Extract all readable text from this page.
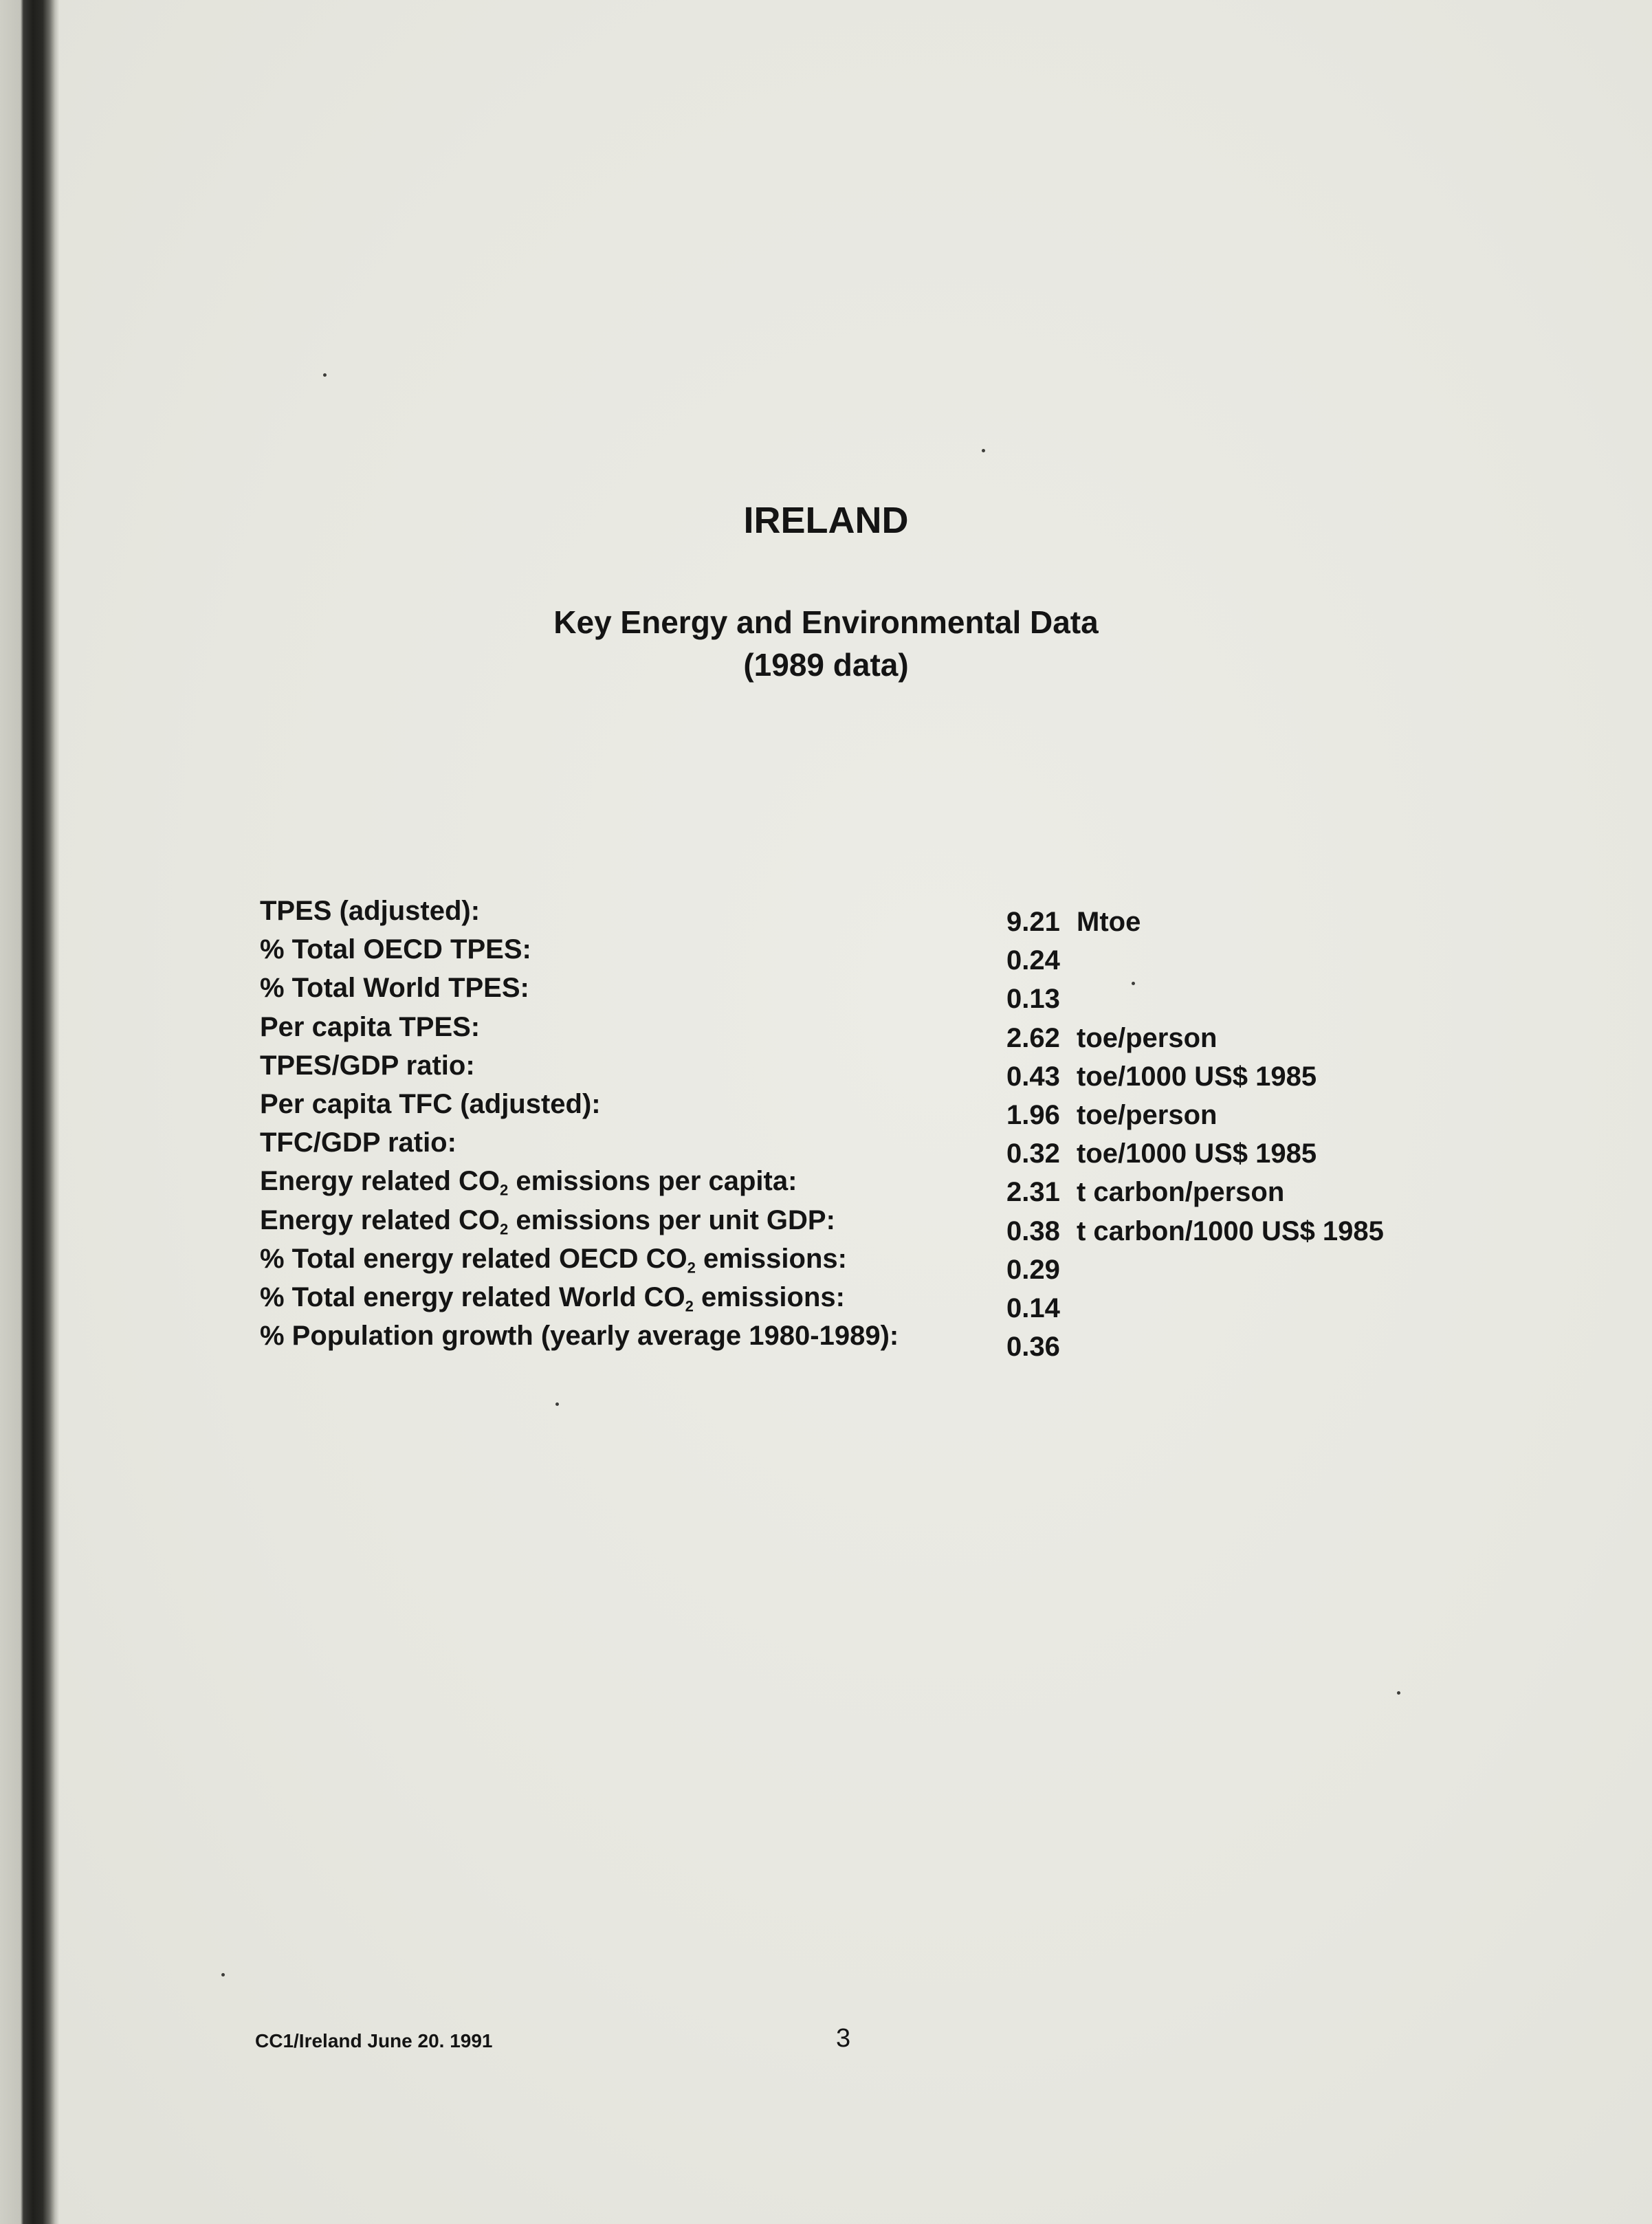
IRELAND
Key Energy and Environmental Data
(1989 data)
TPES (adjusted):	9.21 Mtoe
% Total OECD TPES:	0.24
% Total World TPES:	0.13
Per capita TPES:	2.62 toe/person
TPES/GDP ratio:	0.43 toe/1000 US$ 1985
Per capita TFC (adjusted):	1.96 toe/person
TFC/GDP ratio:	0.32 toe/1000 US$ 1985
Energy related $CO_2$ emissions per capita:	2.31 t carbon/person
Energy related $CO_2$ emissions per unit GDP:	0.38 t carbon/1000 US$ 1985
% Total energy related OECD $CO_2$ emissions:	0.29
% Total energy related World $CO_2$ emissions:	0.14
% Population growth (yearly average 1980-1989):	0.36
CC1/Ireland June 20. 1991	3
